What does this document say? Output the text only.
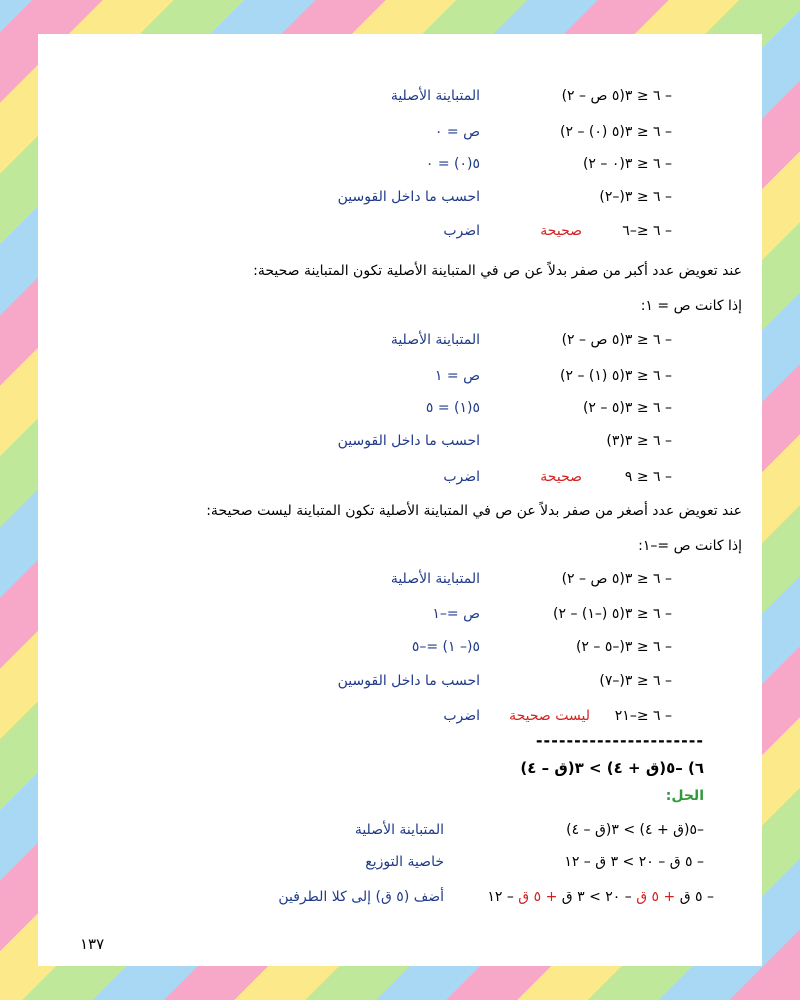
– ٦ ≤ ٣(٥ ص – ٢)
المتباينة الأصلية
– ٦ ≤ ٣(٥ (٠) – ٢)
ص = ٠
– ٦ ≤ ٣(٠ – ٢)
٥(٠) = ٠
– ٦ ≤ ٣(–٢)
احسب ما داخل القوسين
– ٦ ≤–٦
صحيحة
اضرب
عند تعويض عدد أكبر من صفر بدلاً عن ص في المتباينة الأصلية تكون المتباينة صحيحة:
إذا كانت ص = ١:
– ٦ ≤ ٣(٥ ص – ٢)
المتباينة الأصلية
– ٦ ≤ ٣(٥ (١) – ٢)
ص = ١
– ٦ ≤ ٣(٥ – ٢)
٥(١) = ٥
– ٦ ≤ ٣(٣)
احسب ما داخل القوسين
– ٦ ≤ ٩
صحيحة
اضرب
عند تعويض عدد أصغر من صفر بدلاً عن ص في المتباينة الأصلية تكون المتباينة ليست صحيحة:
إذا كانت ص =–١:
– ٦ ≤ ٣(٥ ص – ٢)
المتباينة الأصلية
– ٦ ≤ ٣(٥ (–١) – ٢)
ص =–١
– ٦ ≤ ٣(–٥ – ٢)
٥(– ١) =–٥
– ٦ ≤ ٣(–٧)
احسب ما داخل القوسين
– ٦ ≤–٢١
ليست صحيحة
اضرب
----------------------
٦) –٥(ق + ٤) > ٣(ق – ٤)
الحل:
–٥(ق + ٤) > ٣(ق – ٤)
المتباينة الأصلية
– ٥ ق – ٢٠ > ٣ ق – ١٢
خاصية التوزيع
– ٥ ق + ٥ ق – ٢٠ > ٣ ق + ٥ ق – ١٢
أضف (٥ ق) إلى كلا الطرفين
١٣٧
